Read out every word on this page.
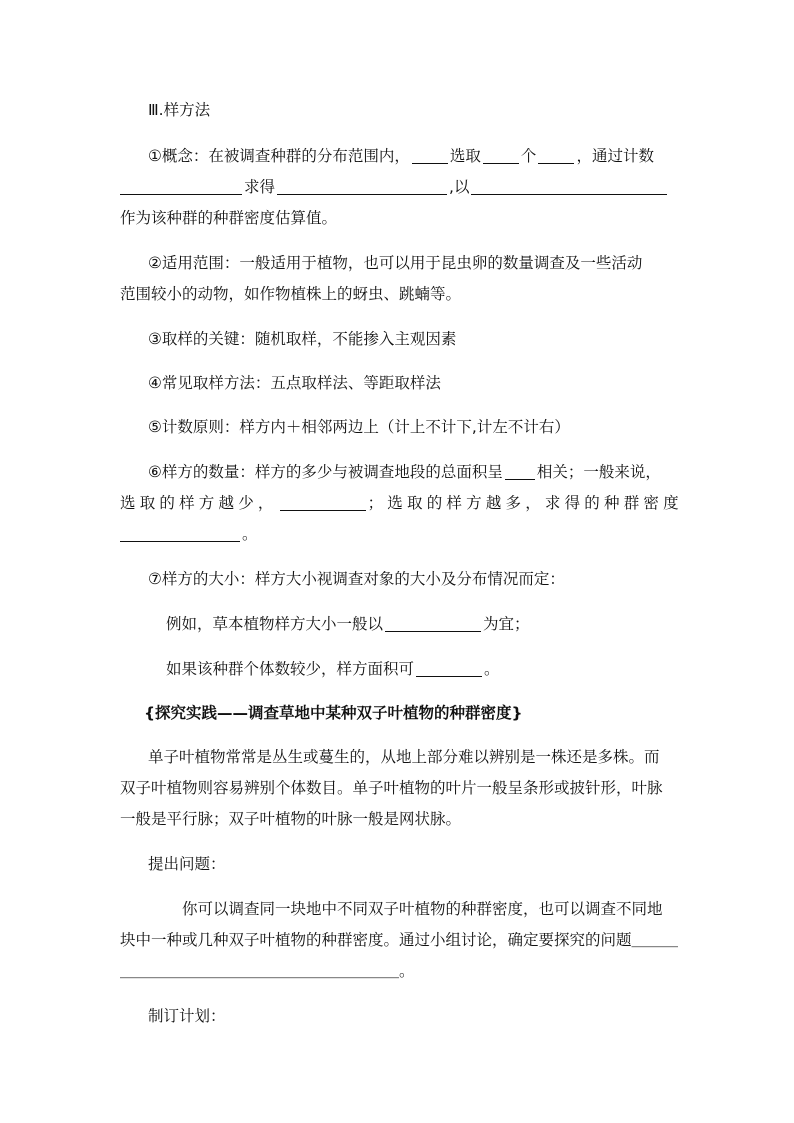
Ⅲ.样方法
①概念：在被调查种群的分布范围内，	选取	个	，通过计数
求得	,以
作为该种群的种群密度估算值。
②适用范围：一般适用于植物，也可以用于昆虫卵的数量调查及一些活动
范围较小的动物，如作物植株上的蚜虫、跳蝻等。
③取样的关键：随机取样，不能掺入主观因素
④常见取样方法：五点取样法、等距取样法
⑤计数原则：样方内＋相邻两边上（计上不计下,计左不计右）
⑥样方的数量：样方的多少与被调查地段的总面积呈 相关；一般来说，
选取的样方越少，	；选取的样方越多，求得的种群密度
。
⑦样方的大小：样方大小视调查对象的大小及分布情况而定：
例如，草本植物样方大小一般以	为宜；
如果该种群个体数较少，样方面积可	。
{探究实践——调查草地中某种双子叶植物的种群密度}
单子叶植物常常是丛生或蔓生的，从地上部分难以辨别是一株还是多株。而
双子叶植物则容易辨别个体数目。单子叶植物的叶片一般呈条形或披针形，叶脉
一般是平行脉；双子叶植物的叶脉一般是网状脉。
提出问题：
你可以调查同一块地中不同双子叶植物的种群密度，也可以调查不同地
块中一种或几种双子叶植物的种群密度。通过小组讨论，确定要探究的问题＿＿＿
＿＿＿＿＿＿＿＿＿＿＿＿＿＿＿＿＿＿。
制订计划：
